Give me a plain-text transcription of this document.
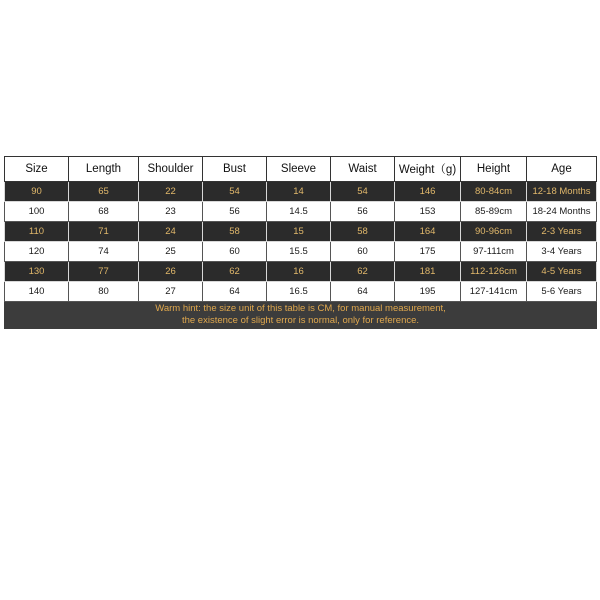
Size	Length	Shoulder	Bust	Sleeve	Waist	Weight（g)	Height	Age
90	65	22	54	14	54	146	80-84cm	12-18 Months
100	68	23	56	14.5	56	153	85-89cm	18-24 Months
110	71	24	58	15	58	164	90-96cm	2-3 Years
120	74	25	60	15.5	60	175	97-111cm	3-4 Years
130	77	26	62	16	62	181	112-126cm	4-5 Years
140	80	27	64	16.5	64	195	127-141cm	5-6 Years

Warm hint: the size unit of this table is CM, for manual measurement,
the existence of slight error is normal, only for reference.								
